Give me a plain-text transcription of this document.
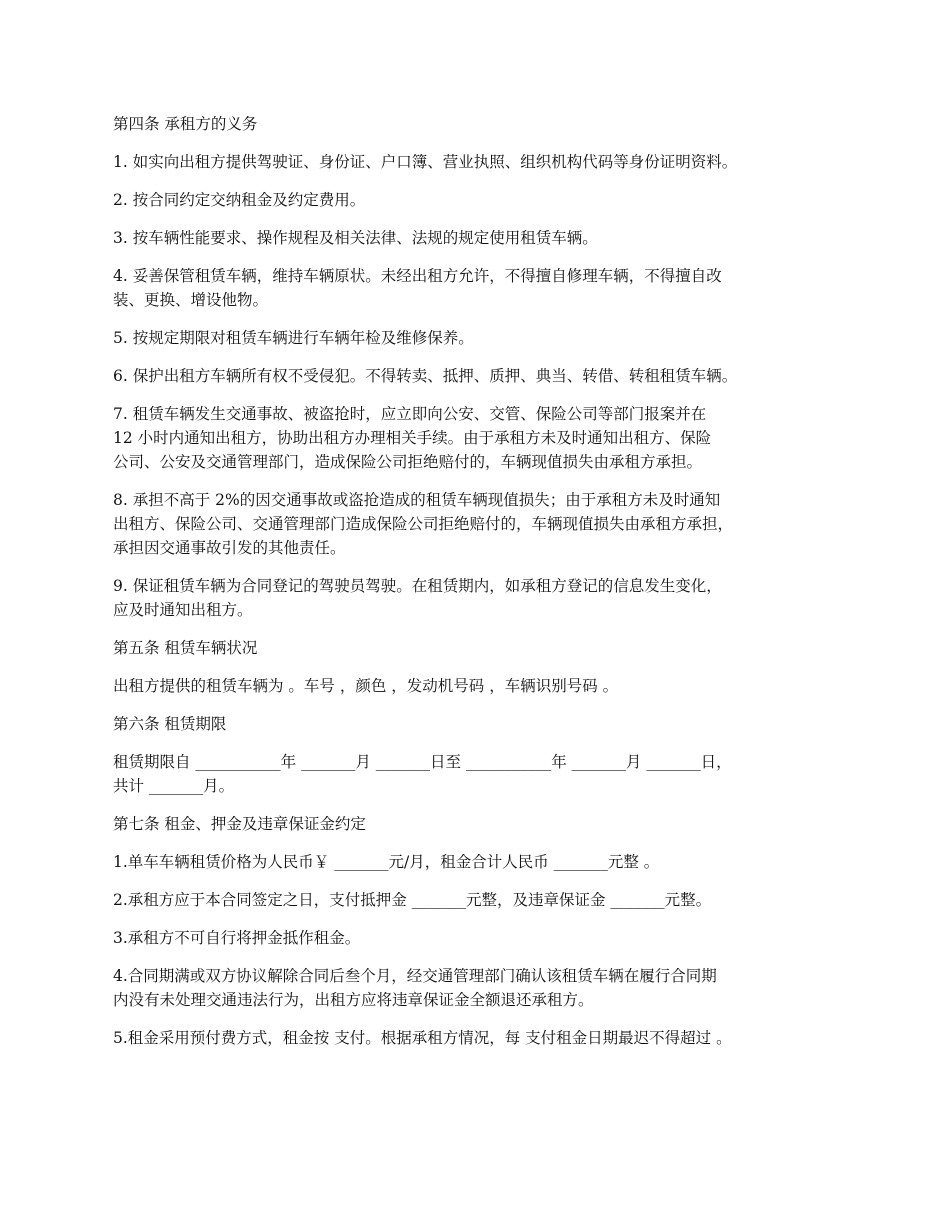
第四条 承租方的义务

1. 如实向出租方提供驾驶证、身份证、户口簿、营业执照、组织机构代码等身份证明资料。

2. 按合同约定交纳租金及约定费用。

3. 按车辆性能要求、操作规程及相关法律、法规的规定使用租赁车辆。

4. 妥善保管租赁车辆，维持车辆原状。未经出租方允许，不得擅自修理车辆，不得擅自改
装、更换、增设他物。

5. 按规定期限对租赁车辆进行车辆年检及维修保养。

6. 保护出租方车辆所有权不受侵犯。不得转卖、抵押、质押、典当、转借、转租租赁车辆。

7. 租赁车辆发生交通事故、被盗抢时，应立即向公安、交管、保险公司等部门报案并在
12 小时内通知出租方，协助出租方办理相关手续。由于承租方未及时通知出租方、保险
公司、公安及交通管理部门，造成保险公司拒绝赔付的，车辆现值损失由承租方承担。

8. 承担不高于 2%的因交通事故或盗抢造成的租赁车辆现值损失；由于承租方未及时通知
出租方、保险公司、交通管理部门造成保险公司拒绝赔付的，车辆现值损失由承租方承担，
承担因交通事故引发的其他责任。

9. 保证租赁车辆为合同登记的驾驶员驾驶。在租赁期内，如承租方登记的信息发生变化，
应及时通知出租方。

第五条 租赁车辆状况

出租方提供的租赁车辆为 。车号 ，颜色 ，发动机号码 ，车辆识别号码 。

第六条 租赁期限

租赁期限自 ___________年 _______月 _______日至 ___________年 _______月 _______日，
共计 _______月。

第七条 租金、押金及违章保证金约定

1.单车车辆租赁价格为人民币￥ _______元/月，租金合计人民币 _______元整 。

2.承租方应于本合同签定之日，支付抵押金 _______元整，及违章保证金 _______元整。

3.承租方不可自行将押金抵作租金。

4.合同期满或双方协议解除合同后叁个月，经交通管理部门确认该租赁车辆在履行合同期
内没有未处理交通违法行为，出租方应将违章保证金全额退还承租方。

5.租金采用预付费方式，租金按 支付。根据承租方情况，每 支付租金日期最迟不得超过 。
